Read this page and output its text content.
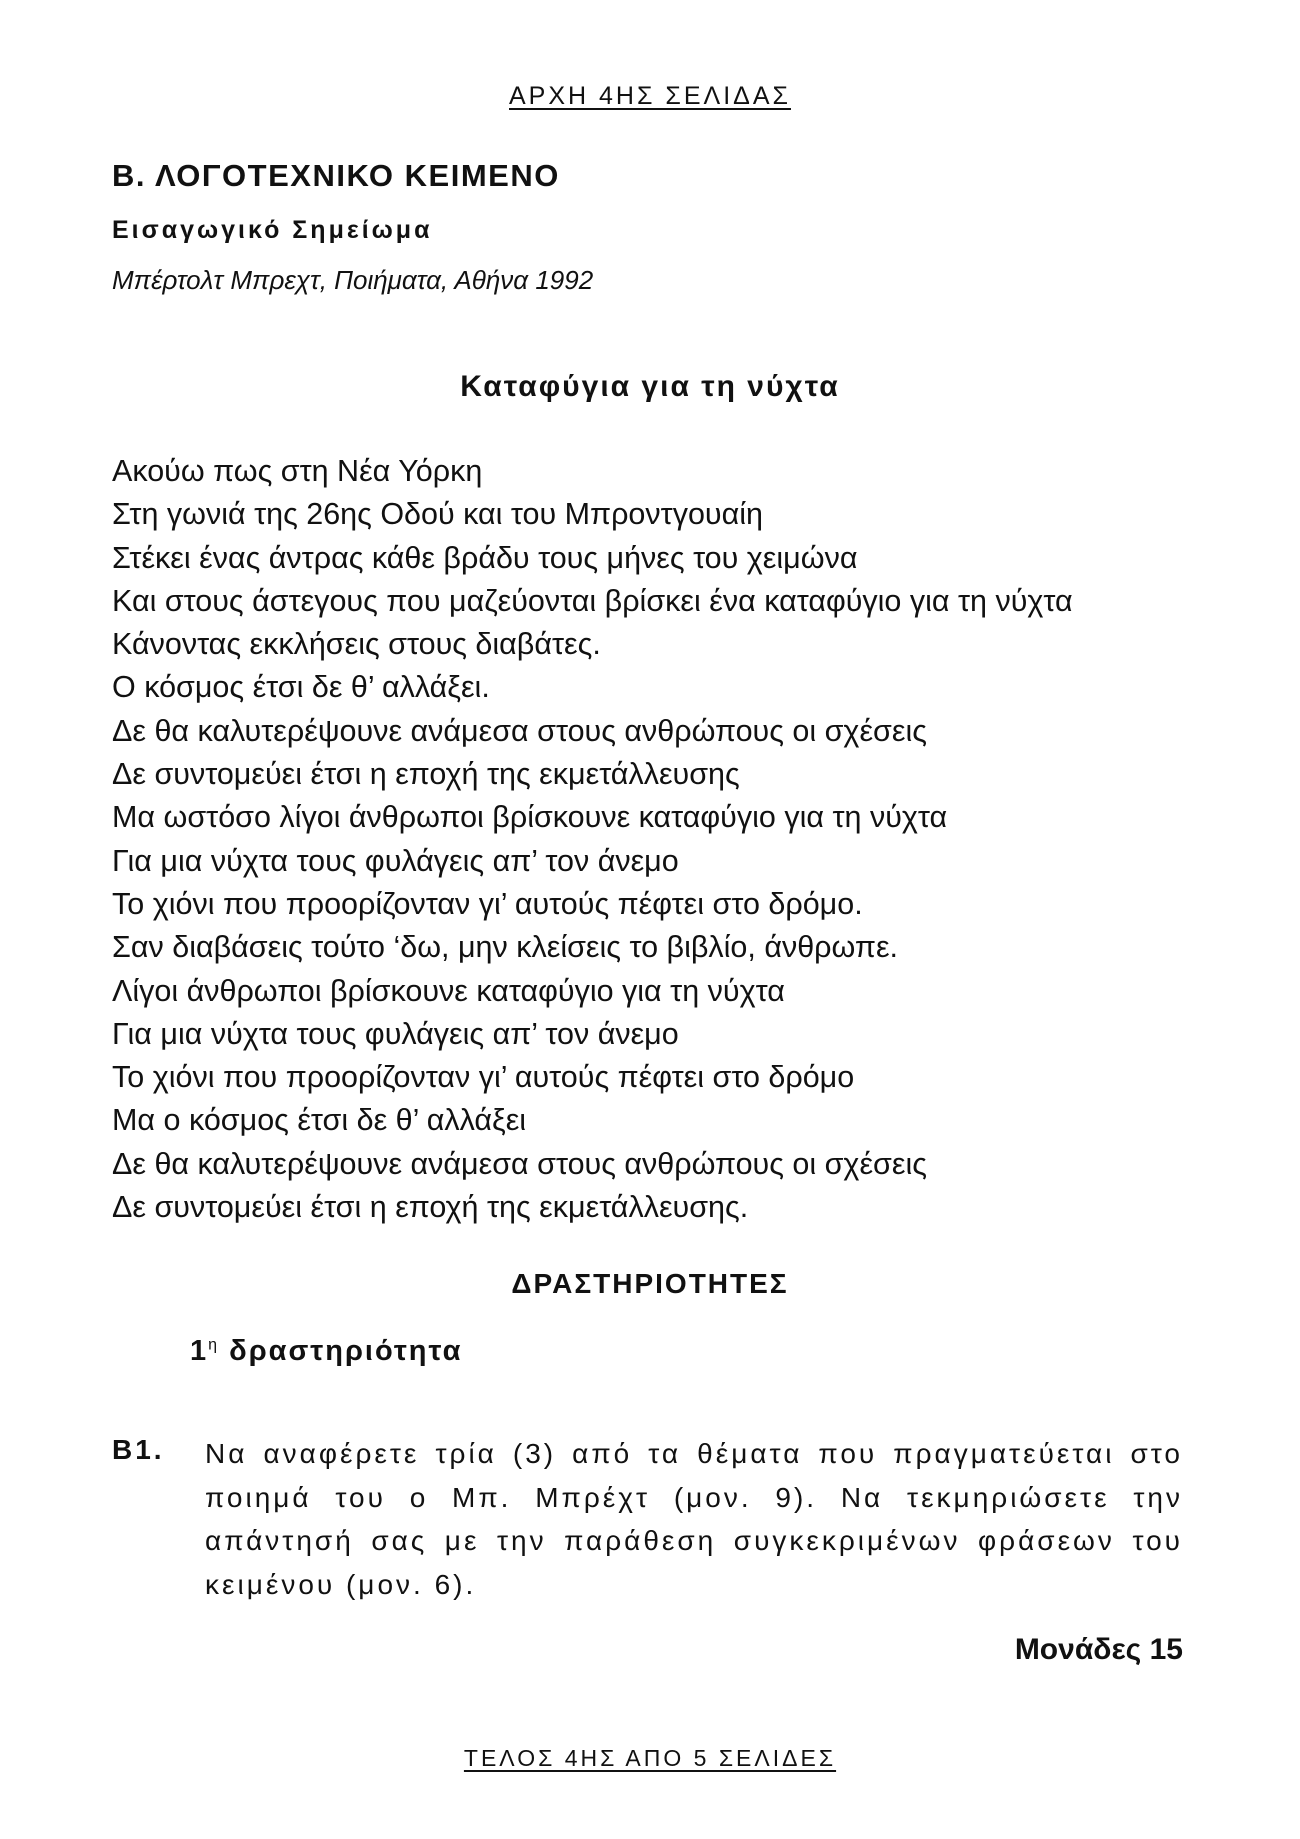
ΑΡΧΗ 4ΗΣ ΣΕΛΙΔΑΣ
Β. ΛΟΓΟΤΕΧΝΙΚΟ ΚΕΙΜΕΝΟ
Εισαγωγικό Σημείωμα
Μπέρτολτ Μπρεχτ, Ποιήματα, Αθήνα 1992
Καταφύγια για τη νύχτα
Ακούω πως στη Νέα Υόρκη
Στη γωνιά της 26ης Οδού και του Μπροντγουαίη
Στέκει ένας άντρας κάθε βράδυ τους μήνες του χειμώνα
Και στους άστεγους που μαζεύονται βρίσκει ένα καταφύγιο για τη νύχτα
Κάνοντας εκκλήσεις στους διαβάτες.
Ο κόσμος έτσι δε θ’ αλλάξει.
Δε θα καλυτερέψουνε ανάμεσα στους ανθρώπους οι σχέσεις
Δε συντομεύει έτσι η εποχή της εκμετάλλευσης
Μα ωστόσο λίγοι άνθρωποι βρίσκουνε καταφύγιο για τη νύχτα
Για μια νύχτα τους φυλάγεις απ’ τον άνεμο
Το χιόνι που προορίζονταν γι’ αυτούς πέφτει στο δρόμο.
Σαν διαβάσεις τούτο ‘δω, μην κλείσεις το βιβλίο, άνθρωπε.
Λίγοι άνθρωποι βρίσκουνε καταφύγιο για τη νύχτα
Για μια νύχτα τους φυλάγεις απ’ τον άνεμο
Το χιόνι που προορίζονταν γι’ αυτούς πέφτει στο δρόμο
Μα ο κόσμος έτσι δε θ’ αλλάξει
Δε θα καλυτερέψουνε ανάμεσα στους ανθρώπους οι σχέσεις
Δε συντομεύει έτσι η εποχή της εκμετάλλευσης.
ΔΡΑΣΤΗΡΙΟΤΗΤΕΣ
$1^\eta$ δραστηριότητα
Β1. Να αναφέρετε τρία (3) από τα θέματα που πραγματεύεται στο ποιημά του ο Μπ. Μπρέχτ (μον. 9). Να τεκμηριώσετε την απάντησή σας με την παράθεση συγκεκριμένων φράσεων του κειμένου (μον. 6).

Μονάδες 15
ΤΕΛΟΣ 4ΗΣ ΑΠΟ 5 ΣΕΛΙΔΕΣ
